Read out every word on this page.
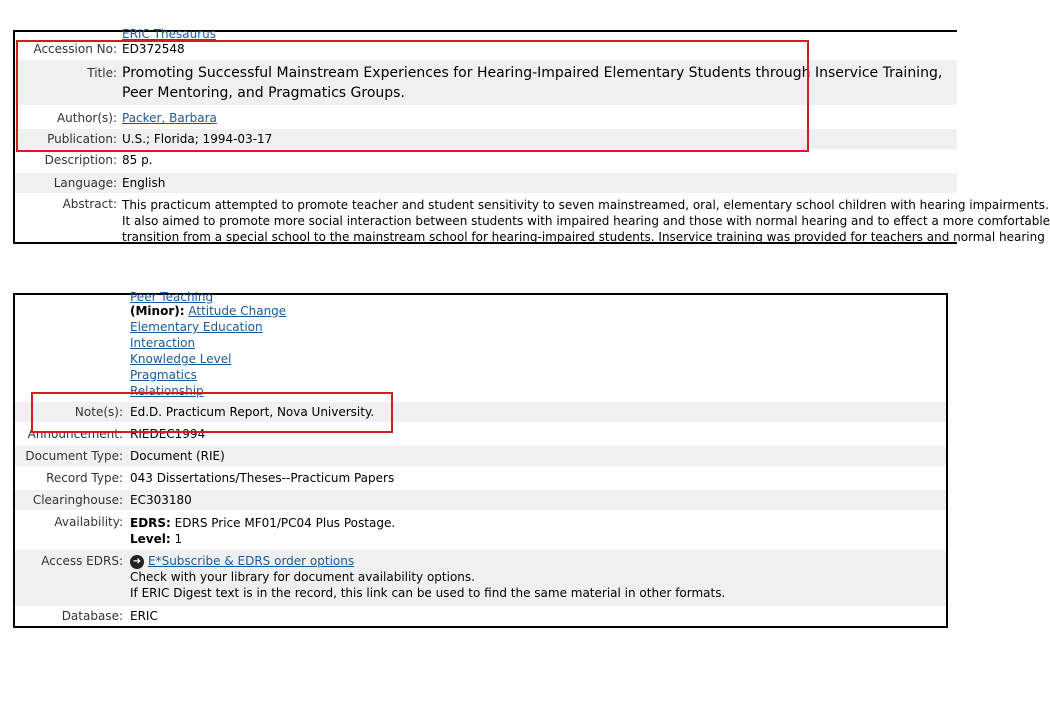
$^{ERIC Thesaurus}$
Accession No: ED372548
Title: Promoting Successful Mainstream Experiences for Hearing-Impaired Elementary Students through Inservice Training, Peer Mentoring, and Pragmatics Groups.
Author(s): Packer, Barbara
Publication: U.S.; Florida; 1994-03-17
Description: 85 p.
Language: English
Abstract: This practicum attempted to promote teacher and student sensitivity to seven mainstreamed, oral, elementary school children with hearing impairments.
It also aimed to promote more social interaction between students with impaired hearing and those with normal hearing and to effect a more comfortable
transition from a special school to the mainstream school for hearing-impaired students. Inservice training was provided for teachers and normal hearing
$^{Peer Teaching}$
(Minor): Attitude Change
Elementary Education
Interaction
Knowledge Level
Pragmatics
Relationship
Note(s): Ed.D. Practicum Report, Nova University.
Announcement: RIEDEC1994
Document Type: Document (RIE)
Record Type: 043 Dissertations/Theses--Practicum Papers
Clearinghouse: EC303180
Availability: EDRS: EDRS Price MF01/PC04 Plus Postage.
Level: 1
Access EDRS: ➜ E*Subscribe & EDRS order options
Check with your library for document availability options.
If ERIC Digest text is in the record, this link can be used to find the same material in other formats.
Database: ERIC
